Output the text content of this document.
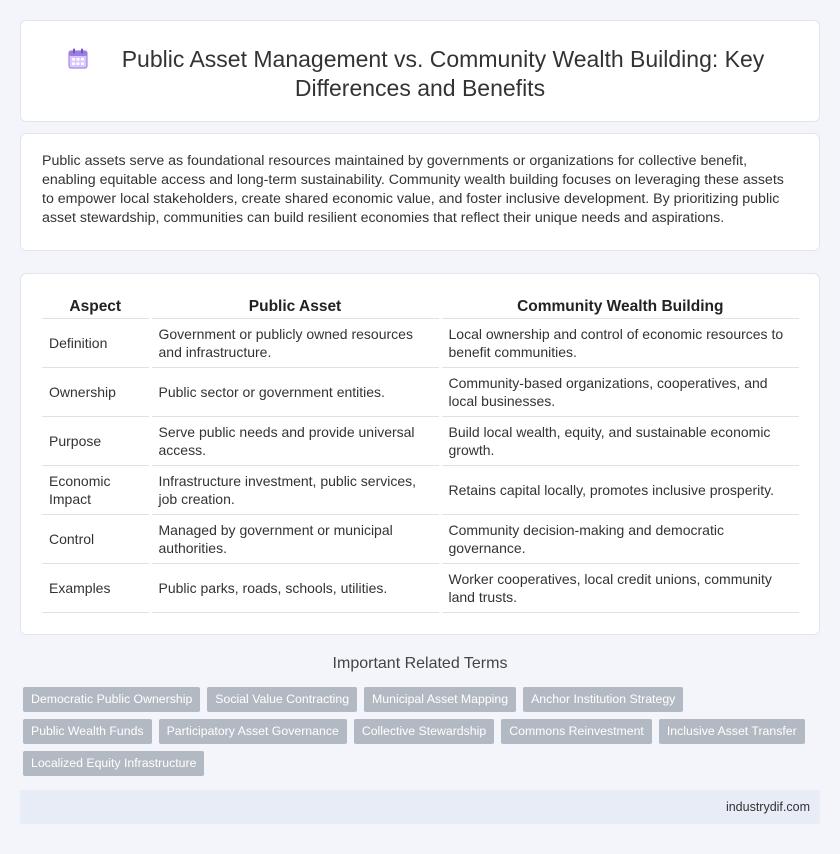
Public Asset Management vs. Community Wealth Building: Key
Differences and Benefits

Public assets serve as foundational resources maintained by governments or organizations for collective benefit, enabling equitable access and long-term sustainability. Community wealth building focuses on leveraging these assets to empower local stakeholders, create shared economic value, and foster inclusive development. By prioritizing public asset stewardship, communities can build resilient economies that reflect their unique needs and aspirations.

Aspect	Public Asset	Community Wealth Building
Definition	Government or publicly owned resources and infrastructure.	Local ownership and control of economic resources to benefit communities.
Ownership	Public sector or government entities.	Community-based organizations, cooperatives, and local businesses.
Purpose	Serve public needs and provide universal access.	Build local wealth, equity, and sustainable economic growth.
Economic Impact	Infrastructure investment, public services, job creation.	Retains capital locally, promotes inclusive prosperity.
Control	Managed by government or municipal authorities.	Community decision-making and democratic governance.
Examples	Public parks, roads, schools, utilities.	Worker cooperatives, local credit unions, community land trusts.
Important Related Terms
Democratic Public Ownership	Social Value Contracting	Municipal Asset Mapping	Anchor Institution Strategy
Public Wealth Funds	Participatory Asset Governance	Collective Stewardship	Commons Reinvestment	Inclusive Asset Transfer
Localized Equity Infrastructure
industrydif.com
